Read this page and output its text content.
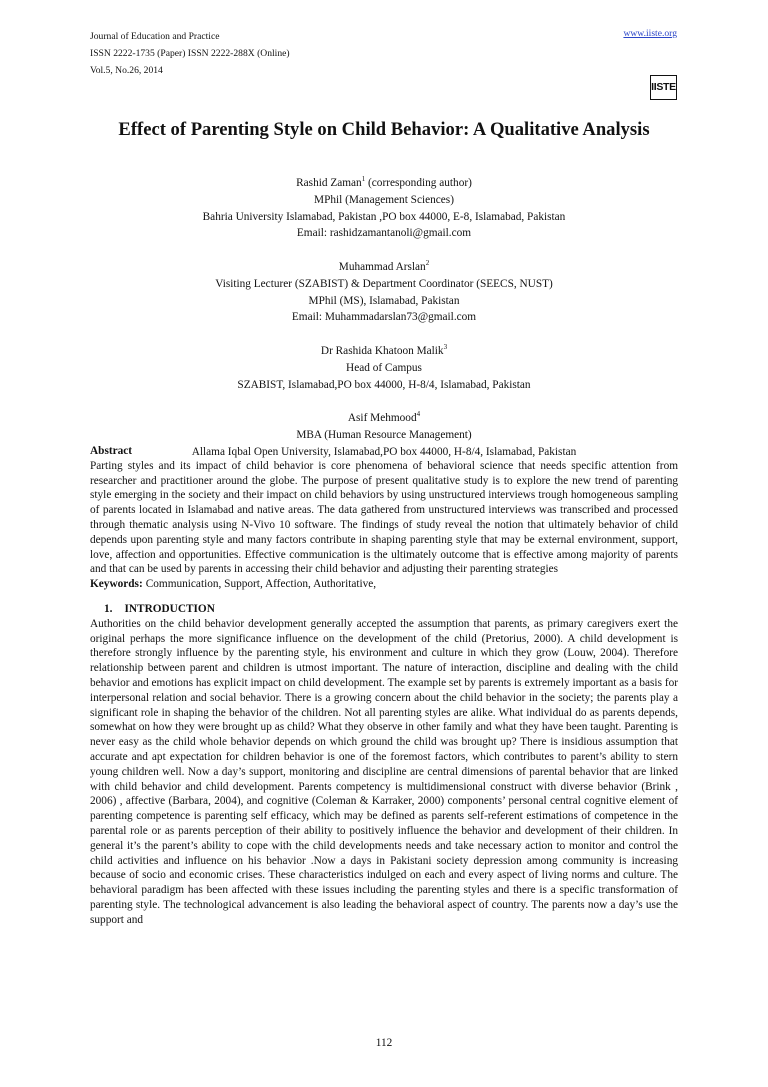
Journal of Education and Practice
ISSN 2222-1735 (Paper) ISSN 2222-288X (Online)
Vol.5, No.26, 2014
www.iiste.org
IISTE
Effect of Parenting Style on Child Behavior: A Qualitative Analysis
Rashid Zaman$^1$ (corresponding author)
MPhil (Management Sciences)
Bahria University Islamabad, Pakistan ,PO box 44000, E-8, Islamabad, Pakistan
Email: rashidzamantanoli@gmail.com
Muhammad Arslan$^2$
Visiting Lecturer (SZABIST) & Department Coordinator (SEECS, NUST)
MPhil (MS), Islamabad, Pakistan
Email: Muhammadarslan73@gmail.com
Dr Rashida Khatoon Malik$^3$
Head of Campus
SZABIST, Islamabad,PO box 44000, H-8/4, Islamabad, Pakistan
Asif Mehmood$^4$
MBA (Human Resource Management)
Allama Iqbal Open University, Islamabad,PO box 44000, H-8/4, Islamabad, Pakistan
Abstract

Parting styles and its impact of child behavior is core phenomena of behavioral science that needs specific attention from researcher and practitioner around the globe. The purpose of present qualitative study is to explore the new trend of parenting style emerging in the society and their impact on child behaviors by using unstructured interviews trough homogeneous sampling of parents located in Islamabad and native areas. The data gathered from unstructured interviews was transcribed and processed through thematic analysis using N-Vivo 10 software. The findings of study reveal the notion that ultimately behavior of child depends upon parenting style and many factors contribute in shaping parenting style that may be external environment, support, love, affection and opportunities. Effective communication is the ultimately outcome that is effective among majority of parents and that can be used by parents in accessing their child behavior and adjusting their parenting strategies

Keywords: Communication, Support, Affection, Authoritative,
1. INTRODUCTION

Authorities on the child behavior development generally accepted the assumption that parents, as primary caregivers exert the original perhaps the more significance influence on the development of the child (Pretorius, 2000). A child development is therefore strongly influence by the parenting style, his environment and culture in which they grow (Louw, 2004). Therefore relationship between parent and children is utmost important. The nature of interaction, discipline and dealing with the child behavior and emotions has explicit impact on child development. The example set by parents is extremely important as a basis for interpersonal relation and social behavior. There is a growing concern about the child behavior in the society; the parents play a significant role in shaping the behavior of the children. Not all parenting styles are alike. What individual do as parents depends, somewhat on how they were brought up as child? What they observe in other family and what they have been taught. Parenting is never easy as the child whole behavior depends on which ground the child was brought up? There is insidious assumption that accurate and apt expectation for children behavior is one of the foremost factors, which contributes to parent’s ability to stern young children well. Now a day’s support, monitoring and discipline are central dimensions of parental behavior that are linked with child behavior and child development. Parents competency is multidimensional construct with diverse behavior (Brink , 2006) , affective (Barbara, 2004), and cognitive (Coleman & Karraker, 2000) components’ personal central cognitive element of parenting competence is parenting self efficacy, which may be defined as parents self-referent estimations of competence in the parental role or as parents perception of their ability to positively influence the behavior and development of their children. In general it’s the parent’s ability to cope with the child developments needs and take necessary action to monitor and control the child activities and influence on his behavior .Now a days in Pakistani society depression among community is increasing because of socio and economic crises. These characteristics indulged on each and every aspect of living norms and culture. The behavioral paradigm has been affected with these issues including the parenting styles and there is a specific transformation of parenting style. The technological advancement is also leading the behavioral aspect of country. The parents now a day’s use the support and

112
